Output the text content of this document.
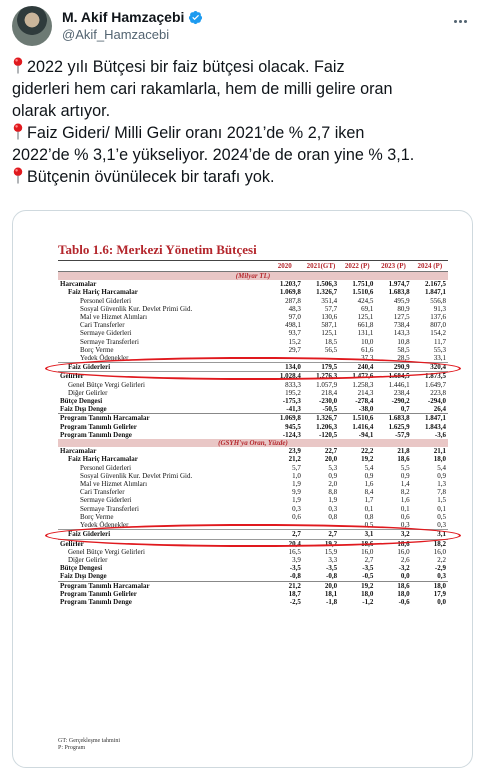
M. Akif Hamzaçebi
@Akif_Hamzacebi
2022 yılı Bütçesi bir faiz bütçesi olacak. Faiz
giderleri hem cari rakamlarla, hem de milli gelire oran
olarak artıyor.
Faiz Gideri/ Milli Gelir oranı 2021’de % 2,7 iken
2022’de % 3,1’e yükseliyor. 2024’de de oran yine % 3,1.
Bütçenin övünülecek bir tarafı yok.
Tablo 1.6: Merkezi Yönetim Bütçesi
	2020	2021(GT)	2022 (P)	2023 (P)	2024 (P)
(Milyar TL)					
Harcamalar	1.203,7	1.506,3	1.751,0	1.974,7	2.167,5
Faiz Hariç Harcamalar	1.069,8	1.326,7	1.510,6	1.683,8	1.847,1
Personel Giderleri	287,8	351,4	424,5	495,9	556,8
Sosyal Güvenlik Kur. Devlet Primi Gid.	48,3	57,7	69,1	80,9	91,3
Mal ve Hizmet Alımları	97,0	130,6	125,1	127,5	137,6
Cari Transferler	498,1	587,1	661,8	738,4	807,0
Sermaye Giderleri	93,7	125,1	131,1	143,3	154,2
Sermaye Transferleri	15,2	18,5	10,0	10,8	11,7
Borç Verme	29,7	56,5	61,6	58,5	55,3
Yedek Ödenekler			37,3	28,5	33,1
Faiz Giderleri	134,0	179,5	240,4	290,9	320,4
Gelirler	1.028,4	1.276,3	1.472,6	1.684,5	1.873,5
Genel Bütçe Vergi Gelirleri	833,3	1.057,9	1.258,3	1.446,1	1.649,7
Diğer Gelirler	195,2	218,4	214,3	238,4	223,8
Bütçe Dengesi	-175,3	-230,0	-278,4	-290,2	-294,0
Faiz Dışı Denge	-41,3	-50,5	-38,0	0,7	26,4
Program Tanımlı Harcamalar	1.069,8	1.326,7	1.510,6	1.683,8	1.847,1
Program Tanımlı Gelirler	945,5	1.206,3	1.416,4	1.625,9	1.843,4
Program Tanımlı Denge	-124,3	-120,5	-94,1	-57,9	-3,6
(GSYH'ya Oran, Yüzde)					
Harcamalar	23,9	22,7	22,2	21,8	21,1
Faiz Hariç Harcamalar	21,2	20,0	19,2	18,6	18,0
Personel Giderleri	5,7	5,3	5,4	5,5	5,4
Sosyal Güvenlik Kur. Devlet Primi Gid.	1,0	0,9	0,9	0,9	0,9
Mal ve Hizmet Alımları	1,9	2,0	1,6	1,4	1,3
Cari Transferler	9,9	8,8	8,4	8,2	7,8
Sermaye Giderleri	1,9	1,9	1,7	1,6	1,5
Sermaye Transferleri	0,3	0,3	0,1	0,1	0,1
Borç Verme	0,6	0,8	0,8	0,6	0,5
Yedek Ödenekler			0,5	0,3	0,3
Faiz Giderleri	2,7	2,7	3,1	3,2	3,1
Gelirler	20,4	19,2	18,6	18,6	18,2
Genel Bütçe Vergi Gelirleri	16,5	15,9	16,0	16,0	16,0
Diğer Gelirler	3,9	3,3	2,7	2,6	2,2
Bütçe Dengesi	-3,5	-3,5	-3,5	-3,2	-2,9
Faiz Dışı Denge	-0,8	-0,8	-0,5	0,0	0,3
Program Tanımlı Harcamalar	21,2	20,0	19,2	18,6	18,0
Program Tanımlı Gelirler	18,7	18,1	18,0	18,0	17,9
Program Tanımlı Denge	-2,5	-1,8	-1,2	-0,6	0,0
GT: Gerçekleşme tahmini
P: Program
